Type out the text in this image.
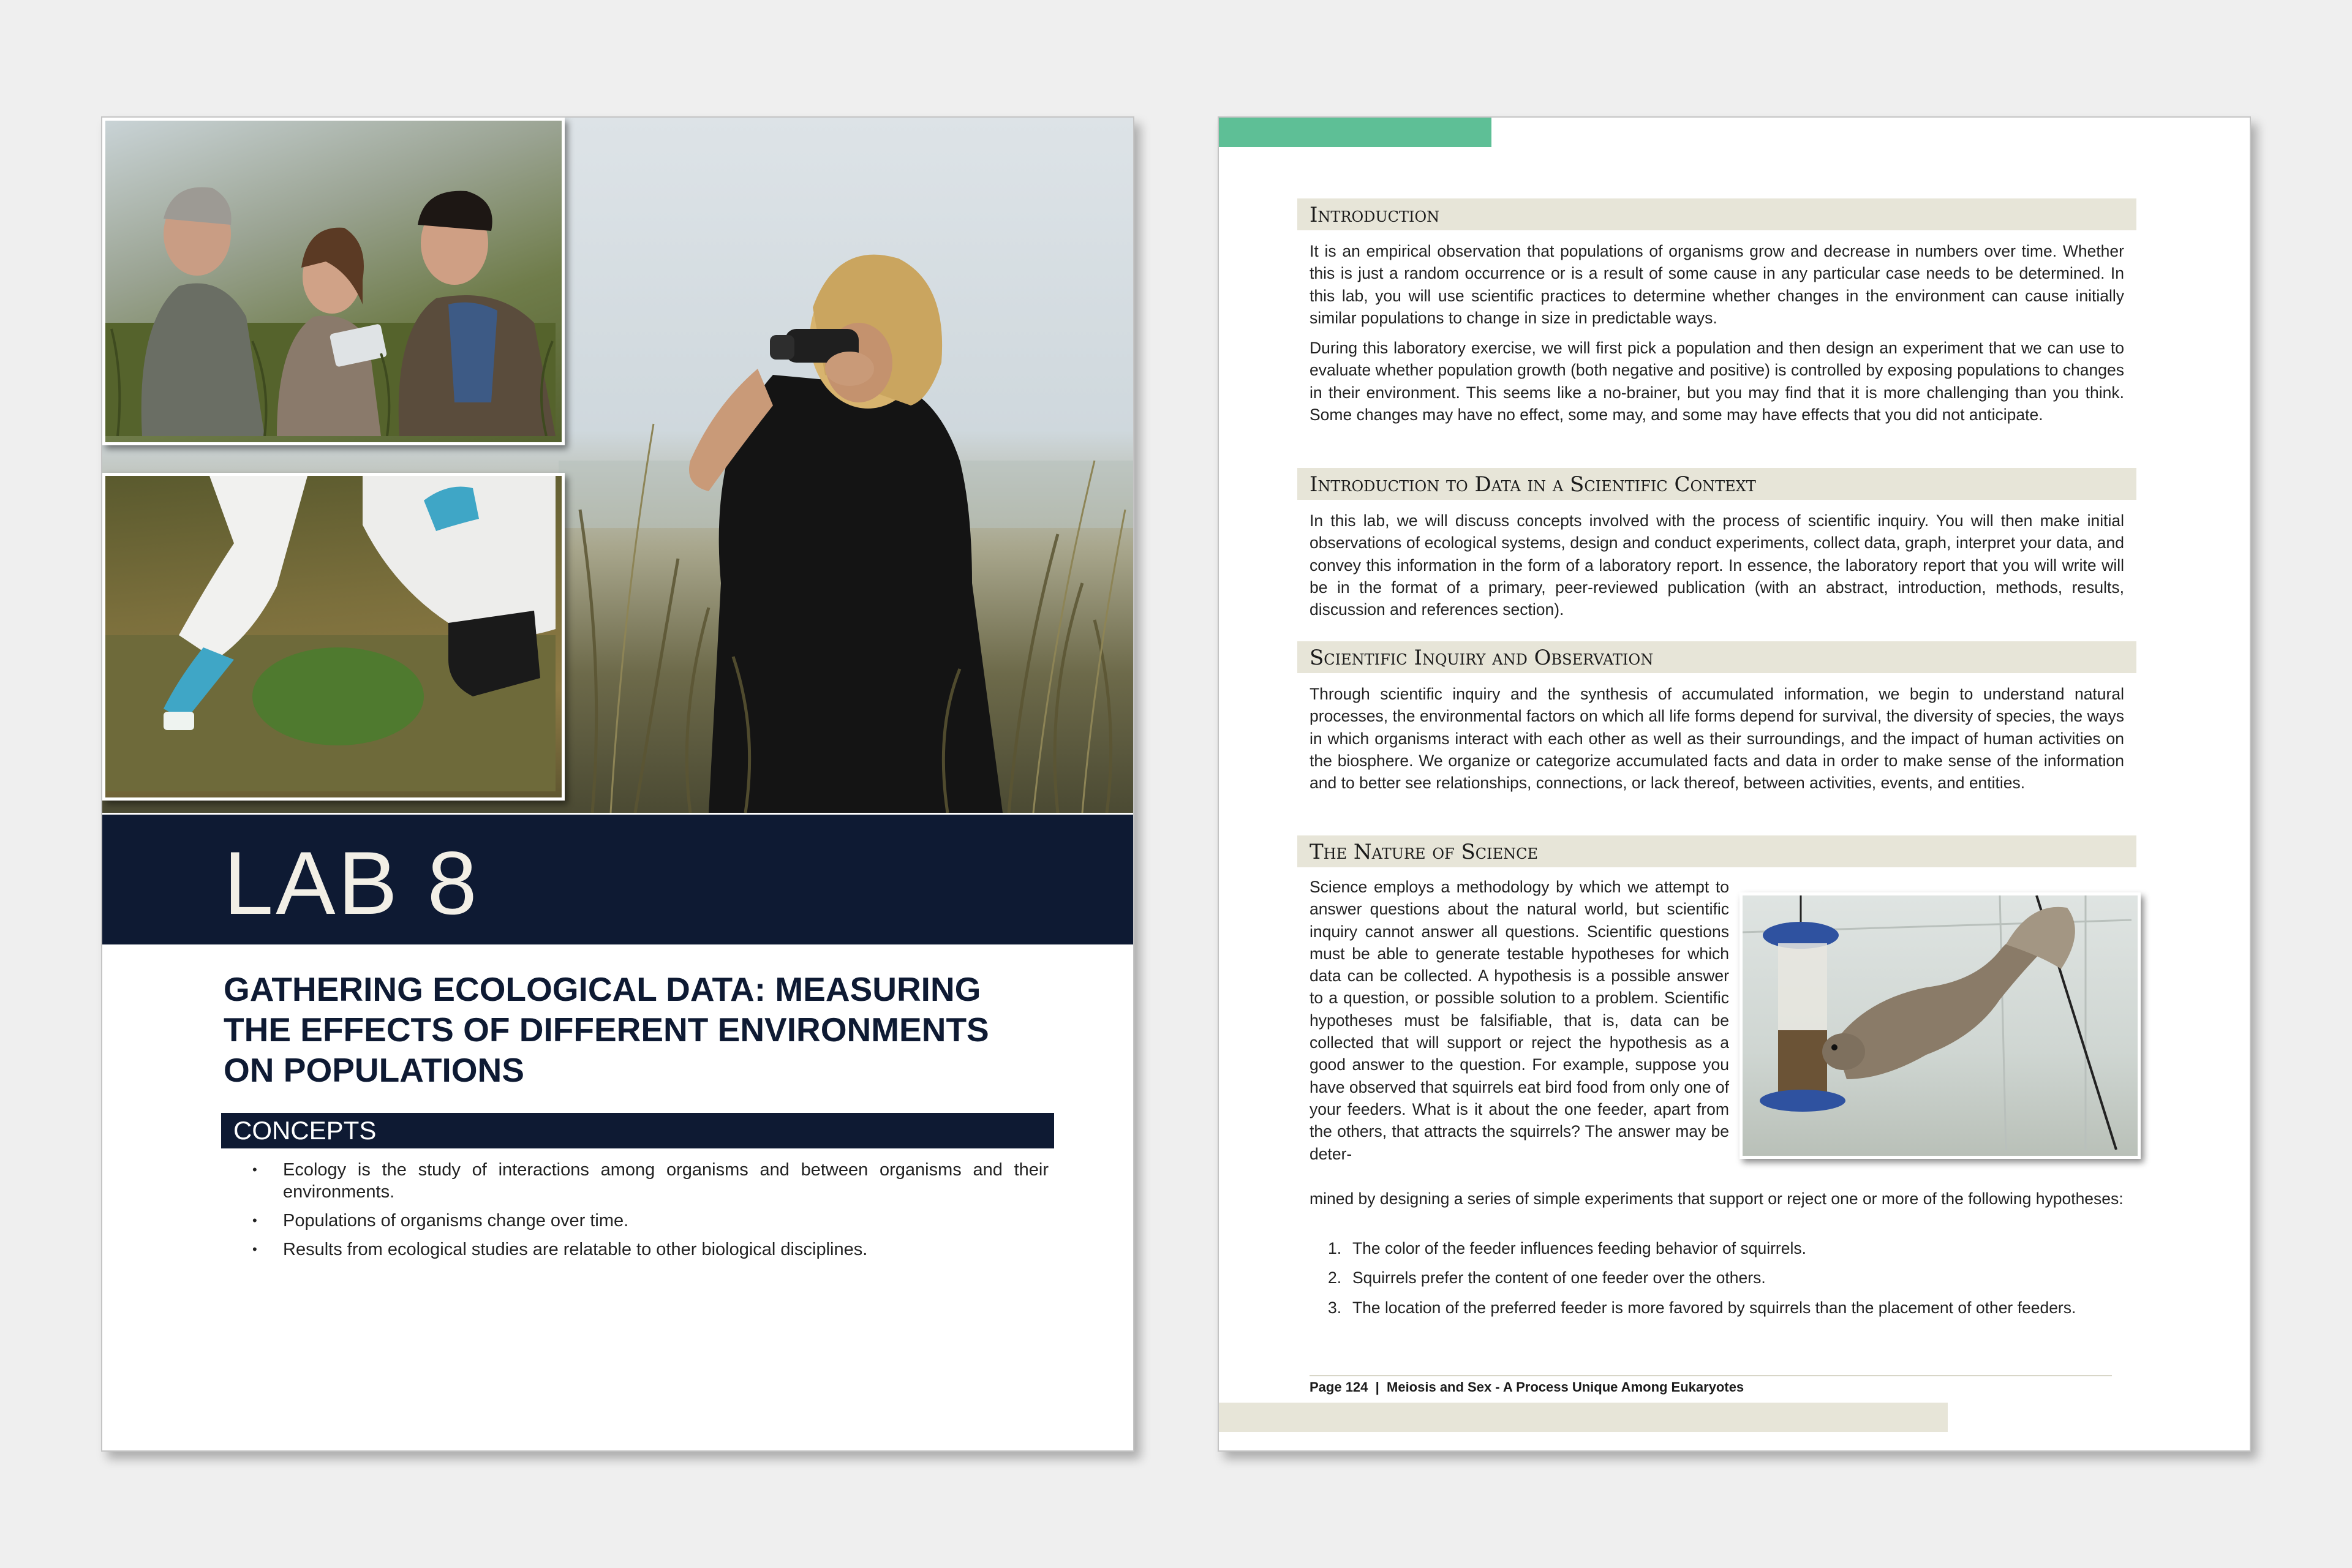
LAB 8
GATHERING ECOLOGICAL DATA: MEASURING THE EFFECTS OF DIFFERENT ENVIRONMENTS ON POPULATIONS
CONCEPTS
• Ecology is the study of interactions among organisms and between organisms and their environments.
• Populations of organisms change over time.
• Results from ecological studies are relatable to other biological disciplines.
Introduction

It is an empirical observation that populations of organisms grow and decrease in numbers over time. Whether this is just a random occurrence or is a result of some cause in any particular case needs to be determined. In this lab, you will use scientific practices to determine whether changes in the environment can cause initially similar populations to change in size in predictable ways.

During this laboratory exercise, we will first pick a population and then design an experiment that we can use to evaluate whether population growth (both negative and positive) is controlled by exposing populations to changes in their environment. This seems like a no-brainer, but you may find that it is more challenging than you think. Some changes may have no effect, some may, and some may have effects that you did not anticipate.

Introduction to Data in a Scientific Context

In this lab, we will discuss concepts involved with the process of scientific inquiry. You will then make initial observations of ecological systems, design and conduct experiments, collect data, graph, interpret your data, and convey this information in the form of a laboratory report. In essence, the laboratory report that you will write will be in the format of a primary, peer-reviewed publication (with an abstract, introduction, methods, results, discussion and references section).

Scientific Inquiry and Observation

Through scientific inquiry and the synthesis of accumulated information, we begin to understand natural processes, the environmental factors on which all life forms depend for survival, the diversity of species, the ways in which organisms interact with each other as well as their surroundings, and the impact of human activities on the biosphere. We organize or categorize accumulated facts and data in order to make sense of the information and to better see relationships, connections, or lack thereof, between activities, events, and entities.

The Nature of Science

Science employs a methodology by which we attempt to answer questions about the natural world, but scientific inquiry cannot answer all questions. Scientific questions must be able to generate testable hypotheses for which data can be collected. A hypothesis is a possible answer to a question, or possible solution to a problem. Scientific hypotheses must be falsifiable, that is, data can be collected that will support or reject the hypothesis as a good answer to the question. For example, suppose you have observed that squirrels eat bird food from only one of your feeders. What is it about the one feeder, apart from the others, that attracts the squirrels? The answer may be deter-

mined by designing a series of simple experiments that support or reject one or more of the following hypotheses:

1. The color of the feeder influences feeding behavior of squirrels.
2. Squirrels prefer the content of one feeder over the others.
3. The location of the preferred feeder is more favored by squirrels than the placement of other feeders.
Page 124  |  Meiosis and Sex - A Process Unique Among Eukaryotes
